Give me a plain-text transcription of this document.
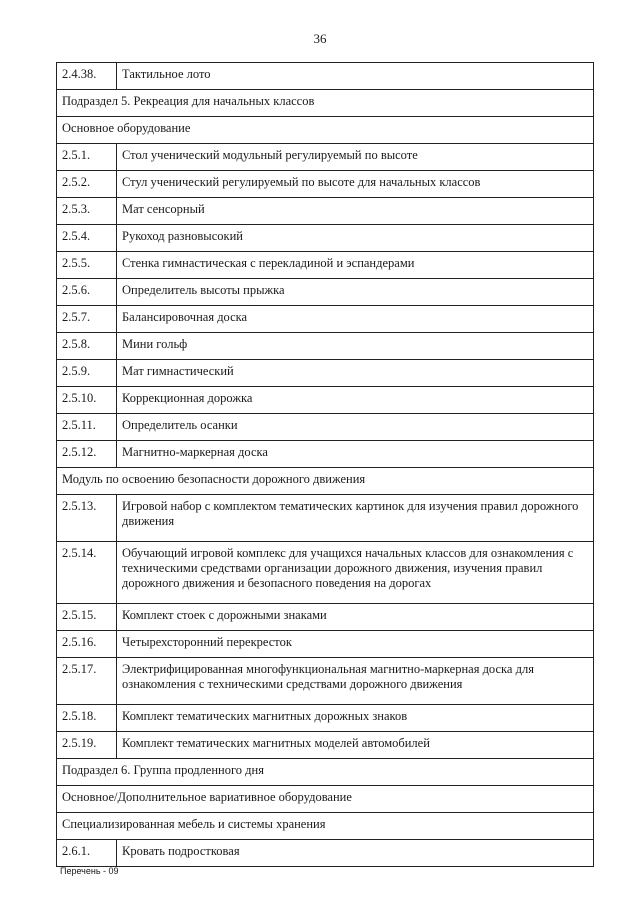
36
2.4.38.	Тактильное лото
Подраздел 5. Рекреация для начальных классов	
Основное оборудование	
2.5.1.	Стол ученический модульный регулируемый по высоте
2.5.2.	Стул ученический регулируемый по высоте для начальных классов
2.5.3.	Мат сенсорный
2.5.4.	Рукоход разновысокий
2.5.5.	Стенка гимнастическая с перекладиной и эспандерами
2.5.6.	Определитель высоты прыжка
2.5.7.	Балансировочная доска
2.5.8.	Мини гольф
2.5.9.	Мат гимнастический
2.5.10.	Коррекционная дорожка
2.5.11.	Определитель осанки
2.5.12.	Магнитно-маркерная доска
Модуль по освоению безопасности дорожного движения	
2.5.13.	Игровой набор с комплектом тематических картинок для изучения правил дорожного движения
2.5.14.	Обучающий игровой комплекс для учащихся начальных классов для ознакомления с техническими средствами организации дорожного движения, изучения правил дорожного движения и безопасного поведения на дорогах
2.5.15.	Комплект стоек с дорожными знаками
2.5.16.	Четырехсторонний перекресток
2.5.17.	Электрифицированная многофункциональная магнитно-маркерная доска для ознакомления с техническими средствами дорожного движения
2.5.18.	Комплект тематических магнитных дорожных знаков
2.5.19.	Комплект тематических магнитных моделей автомобилей
Подраздел 6. Группа продленного дня	
Основное/Дополнительное вариативное оборудование	
Специализированная мебель и системы хранения	
2.6.1.	Кровать подростковая
Перечень - 09
